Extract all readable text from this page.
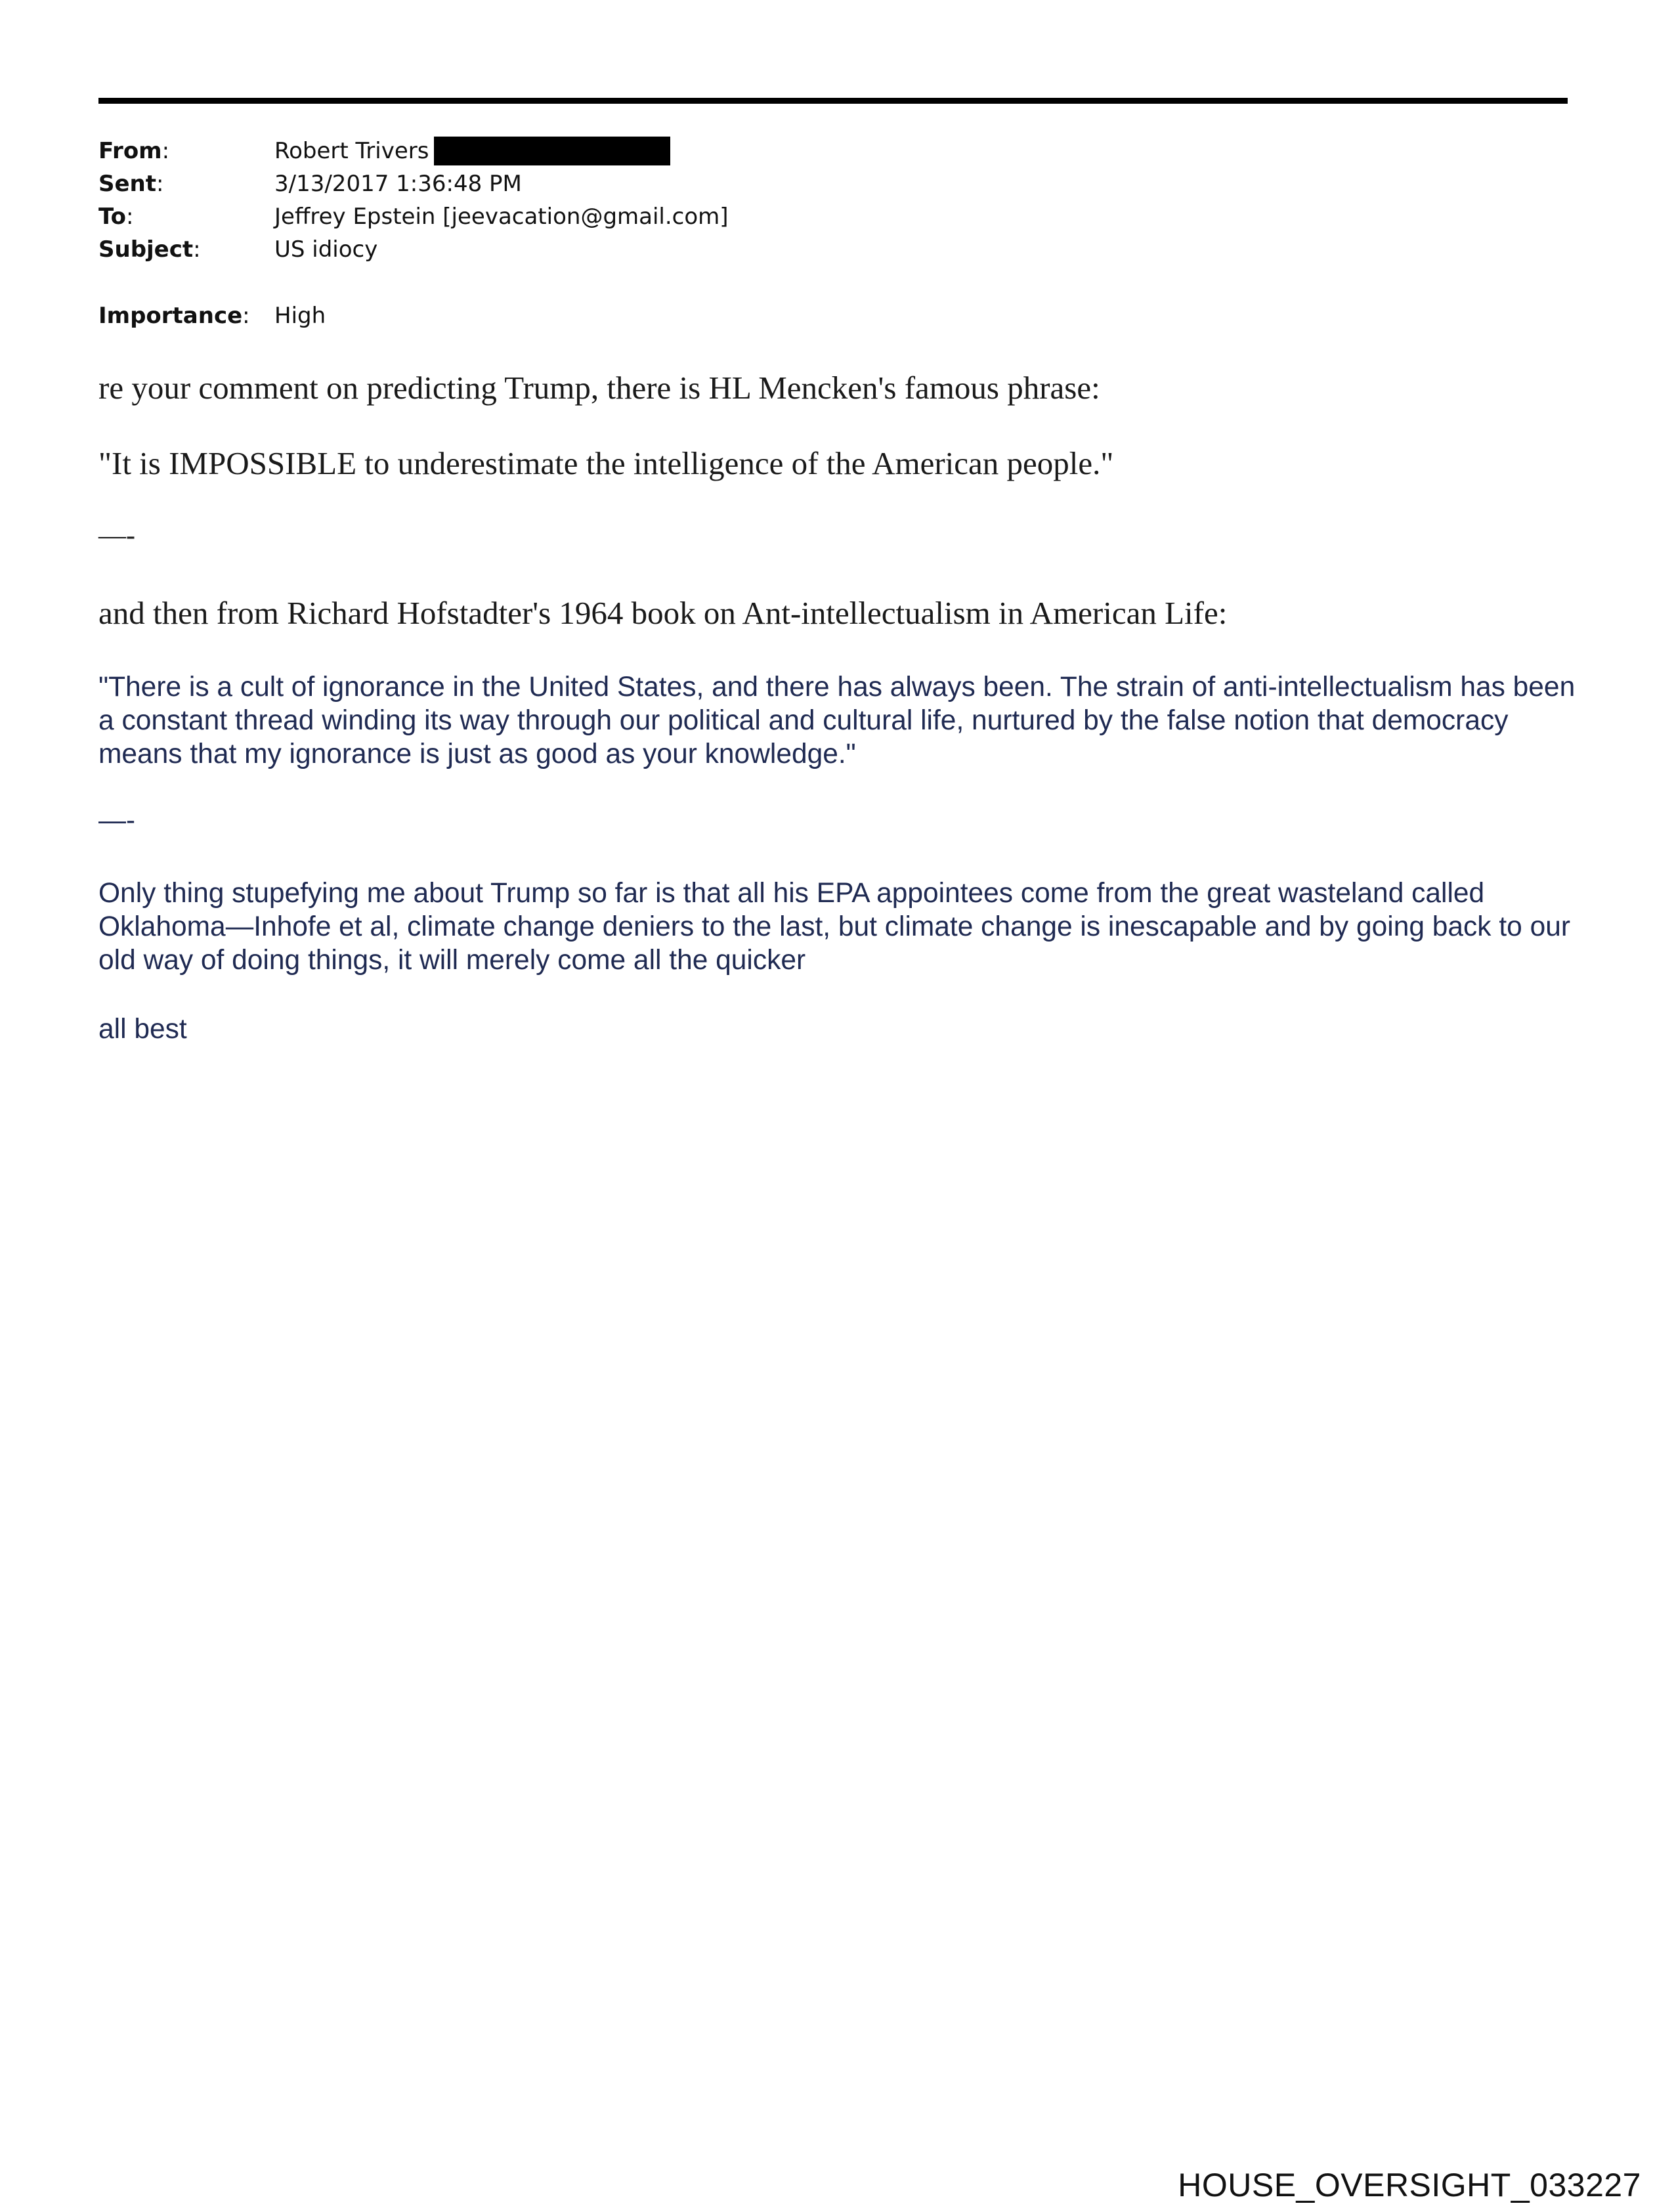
From:	Robert Trivers
Sent:	3/13/2017 1:36:48 PM
To:	Jeffrey Epstein [jeevacation@gmail.com]
Subject:	US idiocy
Importance: High
re your comment on predicting Trump, there is HL Mencken's famous phrase:
"It is IMPOSSIBLE to underestimate the intelligence of the American people."
—-
and then from Richard Hofstadter's 1964 book on Ant-intellectualism in American Life:
"There is a cult of ignorance in the United States, and there has always been. The strain of anti-intellectualism has been a constant thread winding its way through our political and cultural life, nurtured by the false notion that democracy means that my ignorance is just as good as your knowledge."
—-
Only thing stupefying me about Trump so far is that all his EPA appointees come from the great wasteland called Oklahoma—Inhofe et al, climate change deniers to the last, but climate change is inescapable and by going back to our old way of doing things, it will merely come all the quicker
all best
HOUSE_OVERSIGHT_033227
